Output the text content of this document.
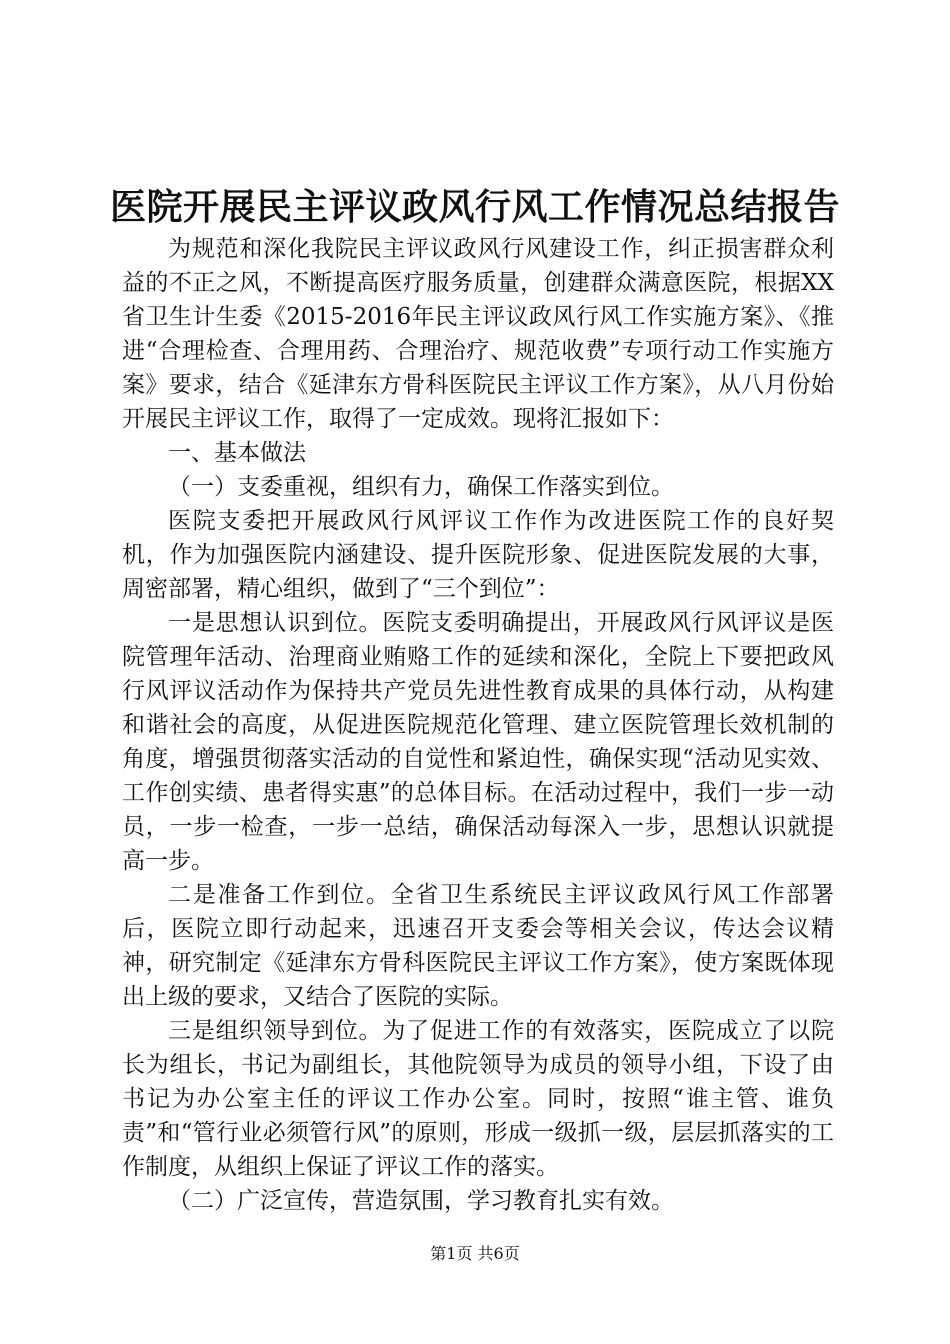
医院开展民主评议政风行风工作情况总结报告

为规范和深化我院民主评议政风行风建设工作，纠正损害群众利益的不正之风，不断提高医疗服务质量，创建群众满意医院，根据XX省卫生计生委《2015-2016年民主评议政风行风工作实施方案》、《推进“合理检查、合理用药、合理治疗、规范收费”专项行动工作实施方案》要求，结合《延津东方骨科医院民主评议工作方案》，从八月份始开展民主评议工作，取得了一定成效。现将汇报如下：

一、基本做法

（一）支委重视，组织有力，确保工作落实到位。

医院支委把开展政风行风评议工作作为改进医院工作的良好契机，作为加强医院内涵建设、提升医院形象、促进医院发展的大事，周密部署，精心组织，做到了“三个到位”：

一是思想认识到位。医院支委明确提出，开展政风行风评议是医院管理年活动、治理商业贿赂工作的延续和深化，全院上下要把政风行风评议活动作为保持共产党员先进性教育成果的具体行动，从构建和谐社会的高度，从促进医院规范化管理、建立医院管理长效机制的角度，增强贯彻落实活动的自觉性和紧迫性，确保实现“活动见实效、工作创实绩、患者得实惠”的总体目标。在活动过程中，我们一步一动员，一步一检查，一步一总结，确保活动每深入一步，思想认识就提高一步。

二是准备工作到位。全省卫生系统民主评议政风行风工作部署后，医院立即行动起来，迅速召开支委会等相关会议，传达会议精神，研究制定《延津东方骨科医院民主评议工作方案》，使方案既体现出上级的要求，又结合了医院的实际。

三是组织领导到位。为了促进工作的有效落实，医院成立了以院长为组长，书记为副组长，其他院领导为成员的领导小组，下设了由书记为办公室主任的评议工作办公室。同时，按照“谁主管、谁负责”和“管行业必须管行风”的原则，形成一级抓一级，层层抓落实的工作制度，从组织上保证了评议工作的落实。

（二）广泛宣传，营造氛围，学习教育扎实有效。

第1页 共6页
